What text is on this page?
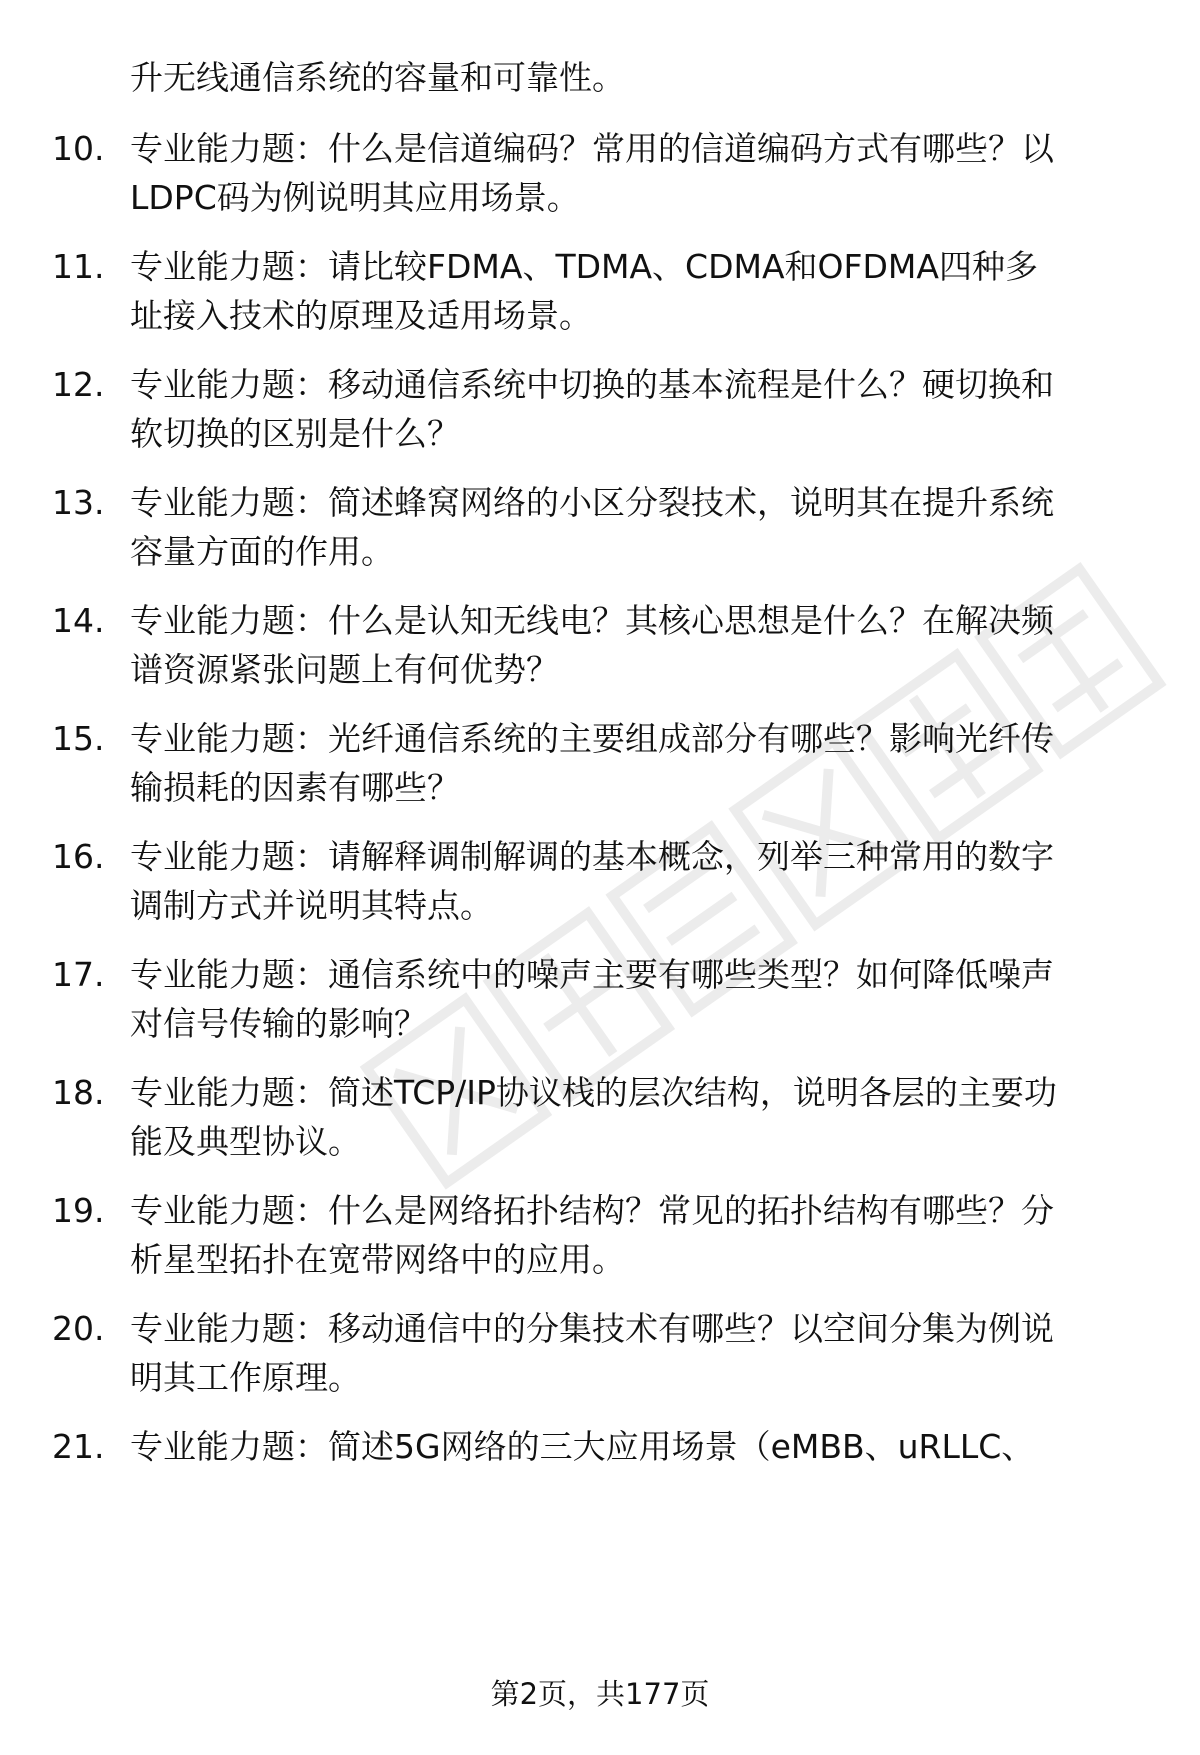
升无线通信系统的容量和可靠性。
10. 专业能力题：什么是信道编码？常用的信道编码方式有哪些？以
LDPC码为例说明其应用场景。
11. 专业能力题：请比较FDMA、TDMA、CDMA和OFDMA四种多
址接入技术的原理及适用场景。
12. 专业能力题：移动通信系统中切换的基本流程是什么？硬切换和
软切换的区别是什么？
13. 专业能力题：简述蜂窝网络的小区分裂技术，说明其在提升系统
容量方面的作用。
14. 专业能力题：什么是认知无线电？其核心思想是什么？在解决频
谱资源紧张问题上有何优势？
15. 专业能力题：光纤通信系统的主要组成部分有哪些？影响光纤传
输损耗的因素有哪些？
16. 专业能力题：请解释调制解调的基本概念，列举三种常用的数字
调制方式并说明其特点。
17. 专业能力题：通信系统中的噪声主要有哪些类型？如何降低噪声
对信号传输的影响？
18. 专业能力题：简述TCP/IP协议栈的层次结构，说明各层的主要功
能及典型协议。
19. 专业能力题：什么是网络拓扑结构？常见的拓扑结构有哪些？分
析星型拓扑在宽带网络中的应用。
20. 专业能力题：移动通信中的分集技术有哪些？以空间分集为例说
明其工作原理。
21. 专业能力题：简述5G网络的三大应用场景（eMBB、uRLLC、
第2页，共177页
